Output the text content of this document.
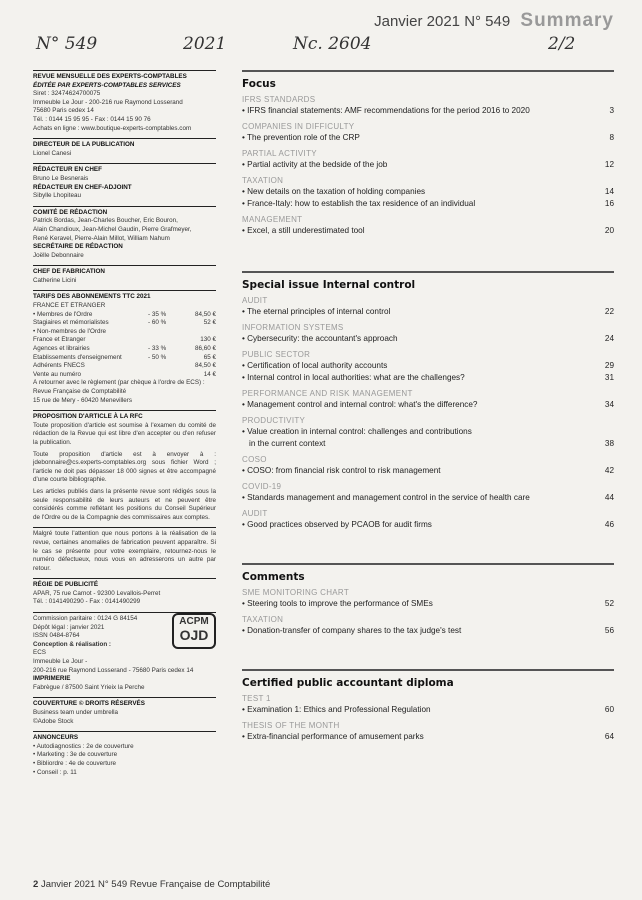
Janvier 2021 N° 549 Summary
N° 549	2021	Nc. 2604	2/2
REVUE MENSUELLE DES EXPERTS-COMPTABLES
ÉDITÉE PAR EXPERTS-COMPTABLES SERVICES
Siret : 32474624700075
Immeuble Le Jour - 200-216 rue Raymond Losserand
75680 Paris cedex 14
Tél. : 0144 15 95 95 - Fax : 0144 15 90 76
Achats en ligne : www.boutique-experts-comptables.com
DIRECTEUR DE LA PUBLICATION
Lionel Canesi
RÉDACTEUR EN CHEF
Bruno Le Besnerais
RÉDACTEUR EN CHEF-ADJOINT
Sibylle Lhopiteau
COMITÉ DE RÉDACTION
Patrick Bordas, Jean-Charles Boucher, Eric Bouron,
Alain Chandioux, Jean-Michel Gaudin, Pierre Grafmeyer,
René Keravel, Pierre-Alain Millot, William Nahum
SECRÉTAIRE DE RÉDACTION
Joëlle Debonnaire
CHEF DE FABRICATION
Catherine Licini
TARIFS DES ABONNEMENTS TTC 2021
FRANCE ET ÉTRANGER
• Membres de l'Ordre	- 35 %	84,50 €
Stagiaires et mémorialistes	- 60 %	52 €
• Non-membres de l'Ordre
France et Étranger	130 €
Agences et librairies	- 33 %	86,60 €
Établissements d'enseignement	- 50 %	65 €
Adhérents FNECS	84,50 €
Vente au numéro	14 €
À retourner avec le règlement (par chèque à l'ordre de ECS) :
Revue Française de Comptabilité
15 rue de Mery - 60420 Menevillers
PROPOSITION D'ARTICLE À LA RFC
Toute proposition d'article est soumise à l'examen du comité de rédaction de la Revue qui est libre d'en accepter ou d'en refuser la publication.
Toute proposition d'article est à envoyer à : jdebonnaire@cs.experts-comptables.org sous fichier Word ; l'article ne doit pas dépasser 18 000 signes et être accompagné d'une courte bibliographie.
Les articles publiés dans la présente revue sont rédigés sous la seule responsabilité de leurs auteurs et ne peuvent être considérés comme reflétant les positions du Conseil Supérieur de l'Ordre ou de la Compagnie des commissaires aux comptes.
Malgré toute l'attention que nous portons à la réalisation de la revue, certaines anomalies de fabrication peuvent apparaître. Si le cas se présente pour votre exemplaire, retournez-nous le numéro défectueux, nous vous en adresserons un autre par retour.
RÉGIE DE PUBLICITÉ
APAR, 75 rue Carnot - 92300 Levallois-Perret
Tél. : 0141490290 - Fax : 0141490299
ACPM
OJD
Commission paritaire : 0124 G 84154
Dépôt légal : janvier 2021
ISSN 0484-8764
Conception & réalisation :
ECS
Immeuble Le Jour -
200-216 rue Raymond Losserand - 75680 Paris cedex 14
IMPRIMERIE
Fabrègue / 87500 Saint Yrieix la Perche
COUVERTURE © DROITS RÉSERVÉS
Business team under umbrella
©Adobe Stock
ANNONCEURS
• Autodiagnostics : 2e de couverture
• Marketing : 3e de couverture
• Bibliordre : 4e de couverture
• Conseil : p. 11
Focus
IFRS STANDARDS
• IFRS financial statements: AMF recommendations for the period 2016 to 2020	3
COMPANIES IN DIFFICULTY
• The prevention role of the CRP	8
PARTIAL ACTIVITY
• Partial activity at the bedside of the job	12
TAXATION
• New details on the taxation of holding companies	14
• France-Italy: how to establish the tax residence of an individual	16
MANAGEMENT
• Excel, a still underestimated tool	20
Special issue Internal control
AUDIT
• The eternal principles of internal control	22
INFORMATION SYSTEMS
• Cybersecurity: the accountant's approach	24
PUBLIC SECTOR
• Certification of local authority accounts	29
• Internal control in local authorities: what are the challenges?	31
PERFORMANCE AND RISK MANAGEMENT
• Management control and internal control: what's the difference?	34
PRODUCTIVITY
• Value creation in internal control: challenges and contributions
in the current context	38
COSO
• COSO: from financial risk control to risk management	42
COVID-19
• Standards management and management control in the service of health care	44
AUDIT
• Good practices observed by PCAOB for audit firms	46
Comments
SME MONITORING CHART
• Steering tools to improve the performance of SMEs	52
TAXATION
• Donation-transfer of company shares to the tax judge's test	56
Certified public accountant diploma
TEST 1
• Examination 1: Ethics and Professional Regulation	60
THESIS OF THE MONTH
• Extra-financial performance of amusement parks	64
2 Janvier 2021 N° 549 Revue Française de Comptabilité
